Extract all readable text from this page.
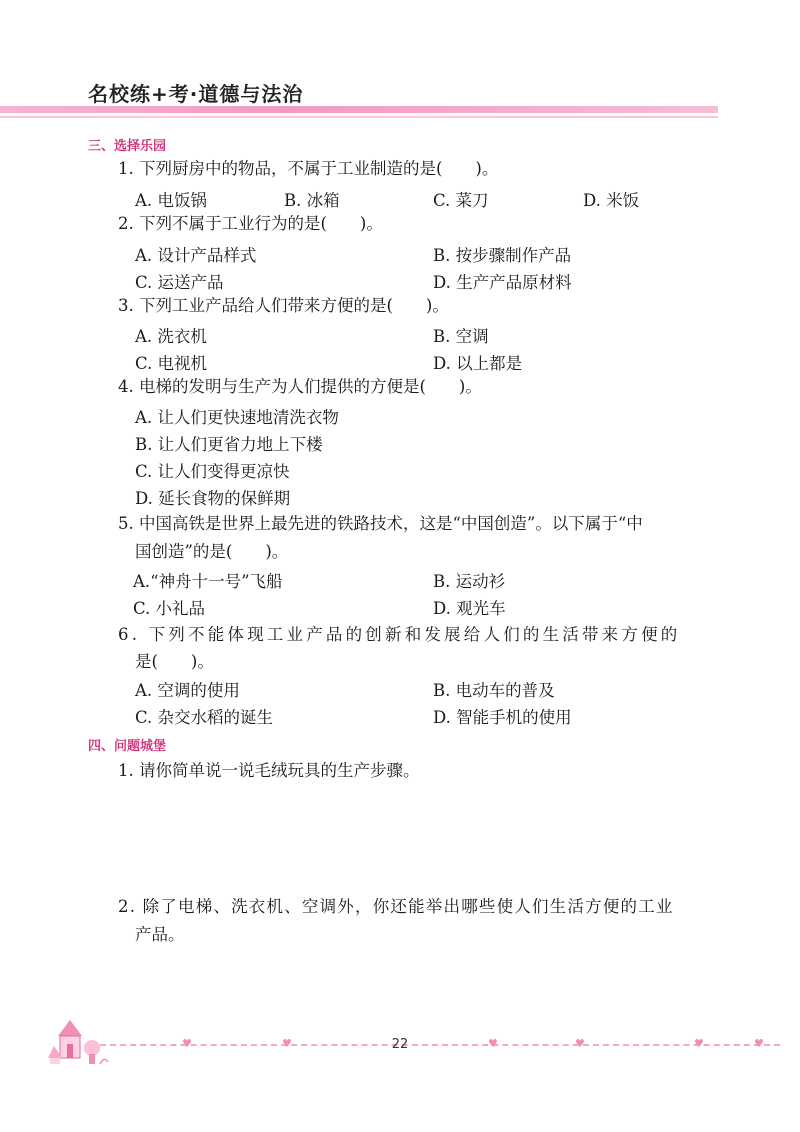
名校练+考·道德与法治
三、选择乐园
1. 下列厨房中的物品，不属于工业制造的是(　　)。
A. 电饭锅	B. 冰箱	C. 菜刀	D. 米饭
2. 下列不属于工业行为的是(　　)。
A. 设计产品样式	B. 按步骤制作产品
C. 运送产品	D. 生产产品原材料
3. 下列工业产品给人们带来方便的是(　　)。
A. 洗衣机	B. 空调
C. 电视机	D. 以上都是
4. 电梯的发明与生产为人们提供的方便是(　　)。
A. 让人们更快速地清洗衣物
B. 让人们更省力地上下楼
C. 让人们变得更凉快
D. 延长食物的保鲜期
5. 中国高铁是世界上最先进的铁路技术，这是“中国创造”。以下属于“中
国创造”的是(　　)。
A.“神舟十一号”飞船	B. 运动衫
C. 小礼品	D. 观光车
6. 下列不能体现工业产品的创新和发展给人们的生活带来方便的
是(　　)。
A. 空调的使用	B. 电动车的普及
C. 杂交水稻的诞生	D. 智能手机的使用
四、问题城堡
1. 请你简单说一说毛绒玩具的生产步骤。
2. 除了电梯、洗衣机、空调外，你还能举出哪些使人们生活方便的工业
产品。
♥	♥	♥	♥	♥	♥
22
